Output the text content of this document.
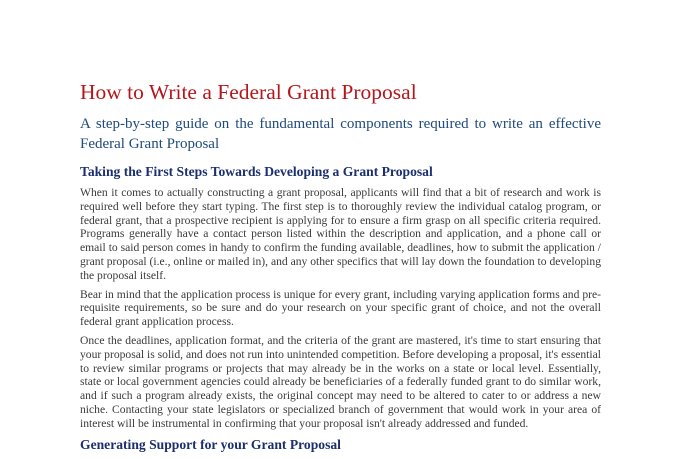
How to Write a Federal Grant Proposal
A step-by-step guide on the fundamental components required to write an effective Federal Grant Proposal
Taking the First Steps Towards Developing a Grant Proposal

When it comes to actually constructing a grant proposal, applicants will find that a bit of research and work is required well before they start typing. The first step is to thoroughly review the individual catalog program, or federal grant, that a prospective recipient is applying for to ensure a firm grasp on all specific criteria required. Programs generally have a contact person listed within the description and application, and a phone call or email to said person comes in handy to confirm the funding available, deadlines, how to submit the application / grant proposal (i.e., online or mailed in), and any other specifics that will lay down the foundation to developing the proposal itself.

Bear in mind that the application process is unique for every grant, including varying application forms and pre-requisite requirements, so be sure and do your research on your specific grant of choice, and not the overall federal grant application process.

Once the deadlines, application format, and the criteria of the grant are mastered, it's time to start ensuring that your proposal is solid, and does not run into unintended competition. Before developing a proposal, it's essential to review similar programs or projects that may already be in the works on a state or local level. Essentially, state or local government agencies could already be beneficiaries of a federally funded grant to do similar work, and if such a program already exists, the original concept may need to be altered to cater to or address a new niche. Contacting your state legislators or specialized branch of government that would work in your area of interest will be instrumental in confirming that your proposal isn't already addressed and funded.

Generating Support for your Grant Proposal
